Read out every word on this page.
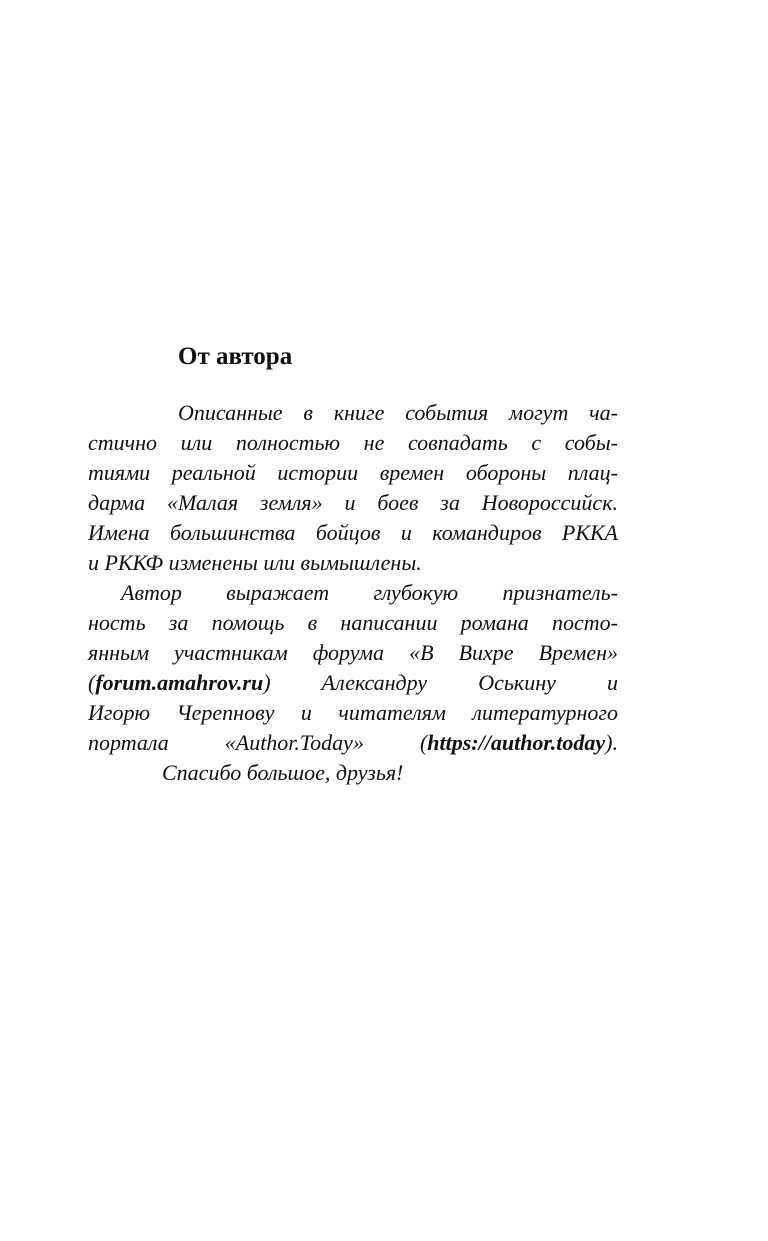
От автора
Описанные в книге события могут ча-
стично или полностью не совпадать с собы-
тиями реальной истории времен обороны плац-
дарма «Малая земля» и боев за Новороссийск.
Имена большинства бойцов и командиров РККА
и РККФ изменены или вымышлены.
Автор выражает глубокую признатель-
ность за помощь в написании романа посто-
янным участникам форума «В Вихре Времен»
(forum.amahrov.ru) Александру Оськину и
Игорю Черепнову и читателям литературного
портала «Author.Today» (https://author.today).
Спасибо большое, друзья!
